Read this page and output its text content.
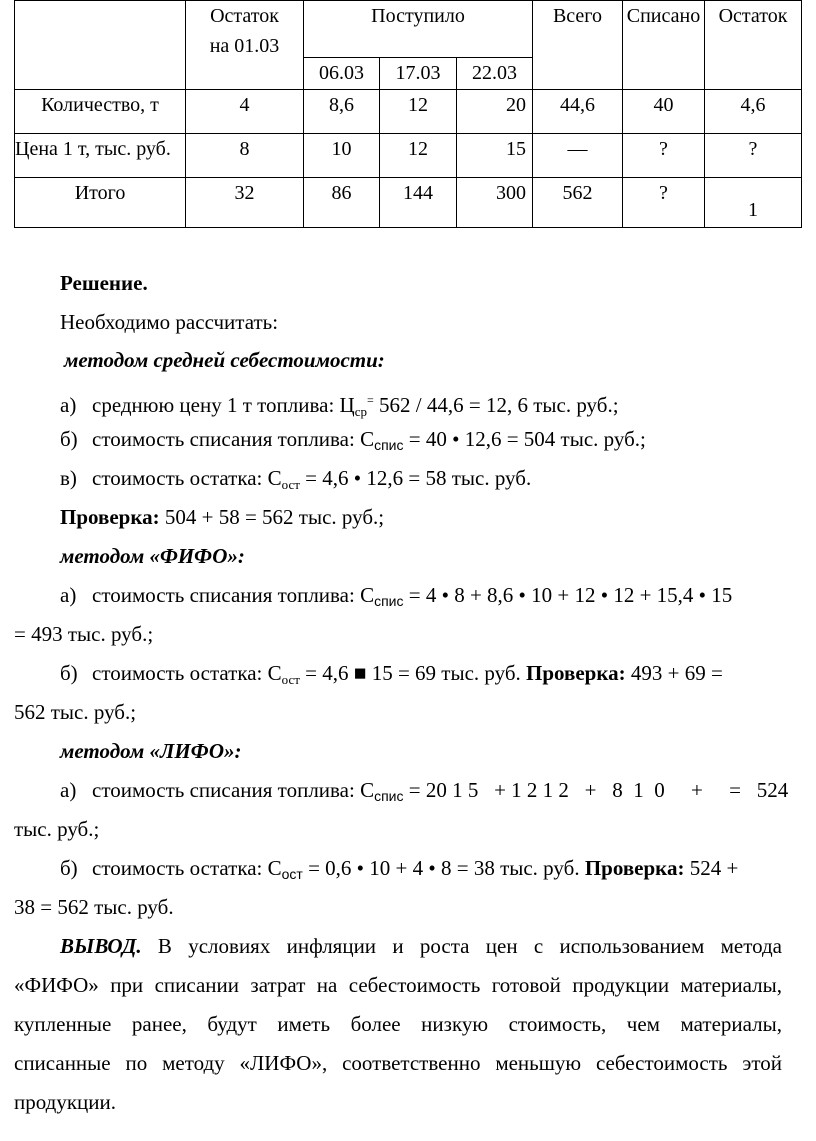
	Остаток на 01.03	Поступило			Всего	Списано	Остаток
		06.03	17.03	22.03			
Количество, т	4	8,6	12	20	44,6	40	4,6
Цена 1 т, тыс. руб.	8	10	12	15	—	?	?
Итого	32	86	144	300	562	?	1
Решение.
Необходимо рассчитать:
методом средней себестоимости:
а) среднюю цену 1 т топлива: $Ц_{ср}^=$ 562 / 44,6 = 12, 6 тыс. руб.;
б) стоимость списания топлива: $С_{спис} = 40$ • 12,6 = 504 тыс. руб.;
в) стоимость остатка: $С_{ост} = 4,6$ • 12,6 = 58 тыс. руб.
Проверка: 504 + 58 = 562 тыс. руб.;
методом «ФИФО»:
а) стоимость списания топлива: $С_{спис} = 4$ • 8 + 8,6 • 10 + 12 • 12 + 15,4 • 15
= 493 тыс. руб.;
б) стоимость остатка: $С_{ост} = 4,6$ ■ 15 = 69 тыс. руб. Проверка: 493 + 69 =
562 тыс. руб.;
методом «ЛИФО»:
а) стоимость списания топлива: $С_{спис} = 20$ 1 5   + 1 2 1 2   +   8  1  0     +     =   524
тыс. руб.;
б) стоимость остатка: $С_{ост} = 0,6$ • 10 + 4 • 8 = 38 тыс. руб. Проверка: 524 +
38 = 562 тыс. руб.
ВЫВОД. В условиях инфляции и роста цен с использованием метода
«ФИФО» при списании затрат на себестоимость готовой продукции материалы,
купленные ранее, будут иметь более низкую стоимость, чем материалы,
списанные по методу «ЛИФО», соответственно меньшую себестоимость этой
продукции.
